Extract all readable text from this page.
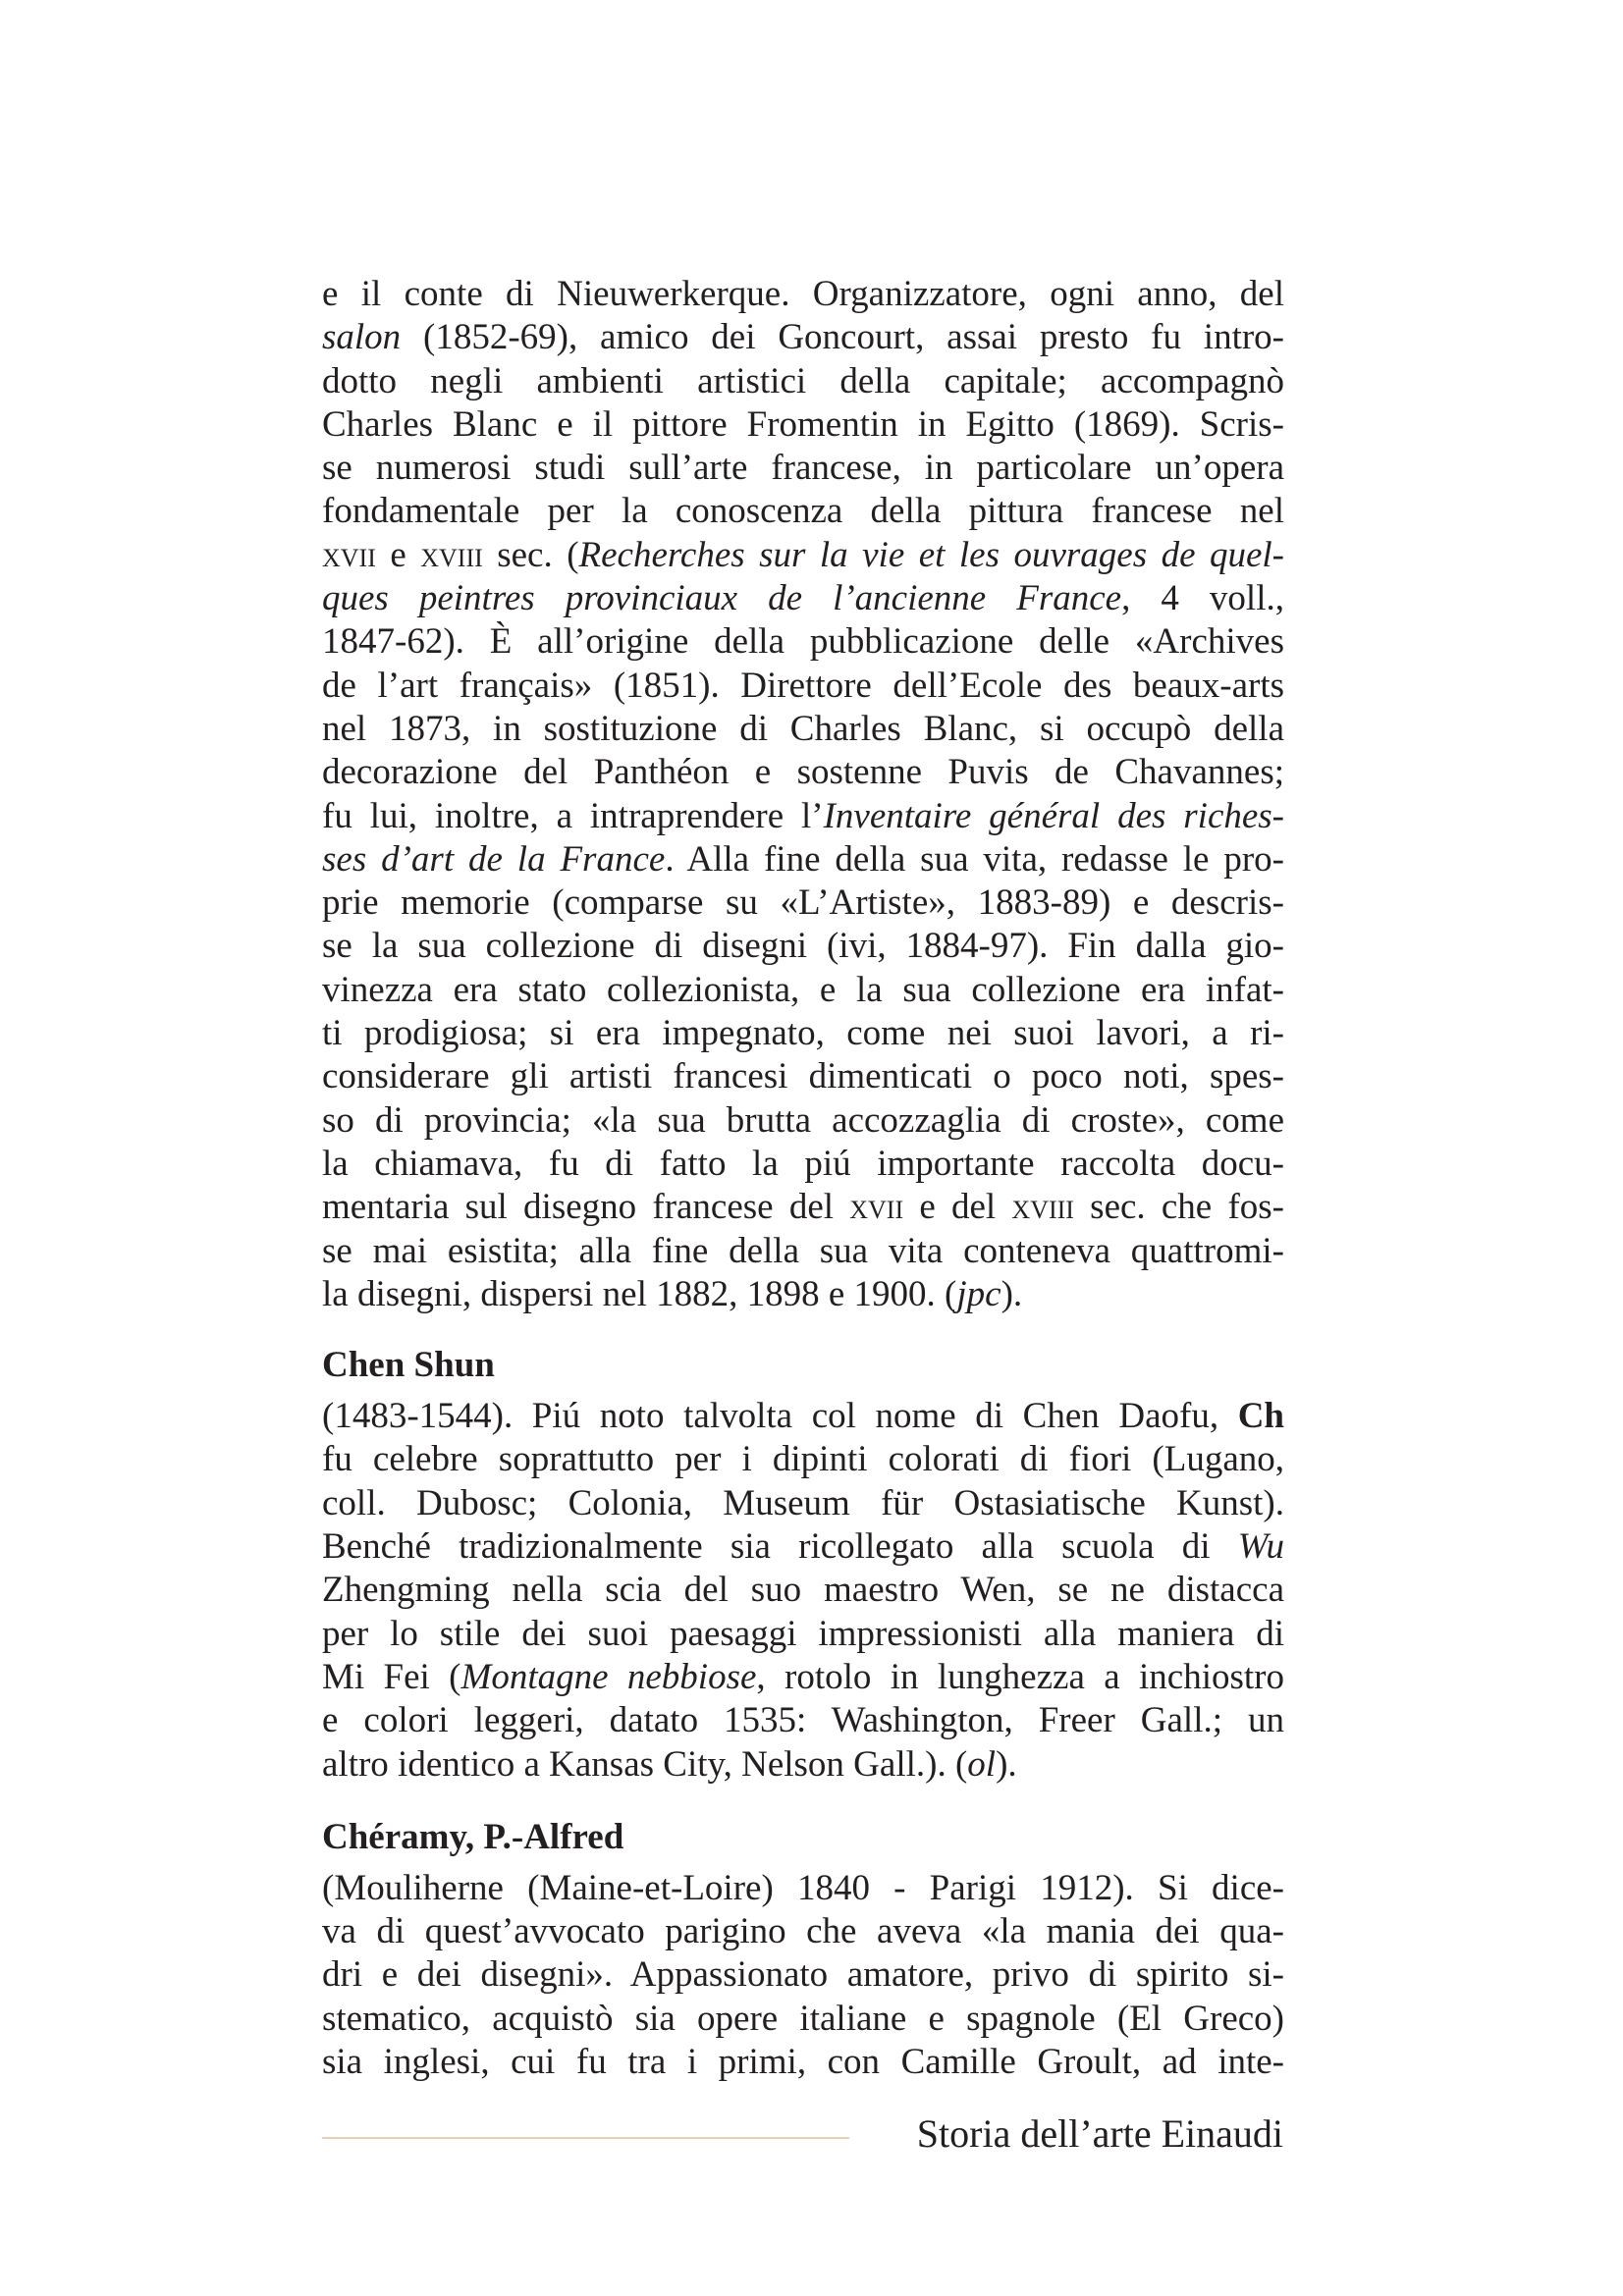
e il conte di Nieuwerkerque. Organizzatore, ogni anno, del
salon (1852-69), amico dei Goncourt, assai presto fu intro-
dotto negli ambienti artistici della capitale; accompagnò
Charles Blanc e il pittore Fromentin in Egitto (1869). Scris-
se numerosi studi sull’arte francese, in particolare un’opera
fondamentale per la conoscenza della pittura francese nel
xvii e xviii sec. (Recherches sur la vie et les ouvrages de quel-
ques peintres provinciaux de l’ancienne France, 4 voll.,
1847-62). È all’origine della pubblicazione delle «Archives
de l’art français» (1851). Direttore dell’Ecole des beaux-arts
nel 1873, in sostituzione di Charles Blanc, si occupò della
decorazione del Panthéon e sostenne Puvis de Chavannes;
fu lui, inoltre, a intraprendere l’Inventaire général des riches-
ses d’art de la France. Alla fine della sua vita, redasse le pro-
prie memorie (comparse su «L’Artiste», 1883-89) e descris-
se la sua collezione di disegni (ivi, 1884-97). Fin dalla gio-
vinezza era stato collezionista, e la sua collezione era infat-
ti prodigiosa; si era impegnato, come nei suoi lavori, a ri-
considerare gli artisti francesi dimenticati o poco noti, spes-
so di provincia; «la sua brutta accozzaglia di croste», come
la chiamava, fu di fatto la piú importante raccolta docu-
mentaria sul disegno francese del xvii e del xviii sec. che fos-
se mai esistita; alla fine della sua vita conteneva quattromi-
la disegni, dispersi nel 1882, 1898 e 1900. (jpc).
Chen Shun
(1483-1544). Piú noto talvolta col nome di Chen Daofu, Ch
fu celebre soprattutto per i dipinti colorati di fiori (Lugano,
coll. Dubosc; Colonia, Museum für Ostasiatische Kunst).
Benché tradizionalmente sia ricollegato alla scuola di Wu
Zhengming nella scia del suo maestro Wen, se ne distacca
per lo stile dei suoi paesaggi impressionisti alla maniera di
Mi Fei (Montagne nebbiose, rotolo in lunghezza a inchiostro
e colori leggeri, datato 1535: Washington, Freer Gall.; un
altro identico a Kansas City, Nelson Gall.). (ol).
Chéramy, P.-Alfred
(Mouliherne (Maine-et-Loire) 1840 - Parigi 1912). Si dice-
va di quest’avvocato parigino che aveva «la mania dei qua-
dri e dei disegni». Appassionato amatore, privo di spirito si-
stematico, acquistò sia opere italiane e spagnole (El Greco)
sia inglesi, cui fu tra i primi, con Camille Groult, ad inte-
Storia dell’arte Einaudi
